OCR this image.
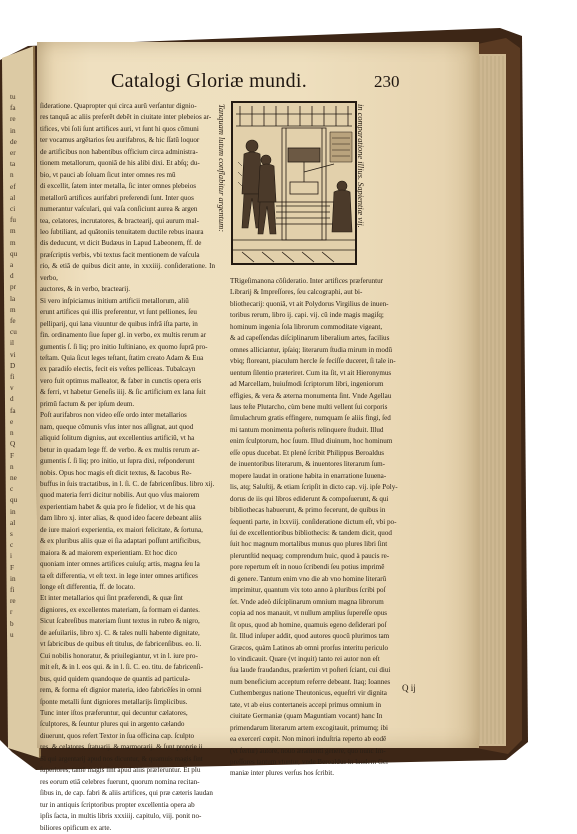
tu
fa
re
in
de
er
ta
n
ef
al
ci
fu
m
m
qu
a
d
pr
la
m
fe
cu
il
vi
D
fi
v
d
fa
e
n
Q
F
n
ne
c
qu
in
al
s
c
i
F
in
fi
re
r
b
u
Catalogi Gloriæ mundi.	230

ſideratione. Quapropter qui circa aurū verſantur dignio-
res tanquā ac aliis preferēt debēt in ciuitate inter plebeios ar-
tifices, vbi ſoli ſunt artifices auri, vt ſunt hi quos cōmuni
ter vocamus argētarios ſeu aurifabros, & hic ſſatū loquor
de artificibus non habentibus officium circa administra-
tionem metallorum, quoniā de his alibi dixi. Et abſq; du-
bio, vt pauci ab ſoluam ſicut inter omnes res mū
di excellit, ſatem inter metalla, ſic inter omnes plebeios
metallorū artifices aurifabri preferendi ſunt. Inter quos
numerantur vaſculari, qui vaſa conſiciunt aurea & argen
tea, celatores, incrutatores, & bractearij, qui aurum mal-
leo ſubtiliant, ad quātoniis tenuitatem ductile rebus inaura
dis deducunt, vt dicit Budæus in Lapud Labeonem, ff. de
præſcriptis verbis, vbi textus facit mentionem de vaſcula
rio, & etiā de quibus dicit ante, in xxxiiij. conſideratione. In verbo,
auctores, & in verbo, bractearij.
Si vero inſpiciamus initium artificii metallorum, aliū
erunt artifices qui illis preferentur, vt ſunt pelliones, ſeu
pelliparij, qui lana viuuntur de quibus infrā iſta parte, in
fin. ordinamento ſiue ſuper gl. in verbo, ex multis rerum ar
gumentis ſ. ſi liq; pro initio Iuſtiniano, ex quomo ſuprā pro-
teſtam. Quia ſicut leges teſtant, ſtatim creato Adam & Eua
ex paradiſo electis, fecit eis veſtes pelliceas. Tubalcayn
vero fuit optimus malleator, & faber in cunctis opera eris
& ferri, vt habetur Geneſis iiij. & ſic artificium ex lana ſuit
primū factum & per ipſum deum.
Poſt aurifabros non video eſſe ordo inter metallarios
nam, queque cōmunis vſus inter nos aſſignat, aut quod
aliquid ſolitum dignius, aut excellentius artificiū, vt ha
betur in quadam lege ff. de verbo. & ex multis rerum ar-
gumentis ſ. ſi liq; pro initio, ut ſupra dixi, reſponderunt
nobis. Opus hoc magis eſt dicit textus, & Iacobus Re-
buffus in ſuis tractatibus, in l. ſi. C. de fabricenſibus. libro xij.
quod materia ferri dicitur nobilis. Aut quo vſus maiorem
experientiam habet & quia pro ſe fidelior, vt de his qua
dam libro xj. inter alias, & quod ideo facere debeant aliis
de iure maiori experientia, ex maiori felicitate, & ſortuna,
& ex pluribus aliis quæ ei ſia adaptari poſſunt artificibus,
maiora & ad maiorem experientiam. Et hoc dico
quoniam inter omnes artifices cuiuſq; artis, magna ſeu la
ta eſt differentia, vt eſt text. in lege inter omnes artifices
longe eſt differentia, ff. de locato.
Et inter metallarios qui ſint præferendi, & quæ ſint
digniores, ex excellentes materiam, ſa formam ei dantes.
Sicut ſcabreſibus materiam ſiunt textus in rubro & nigro,
de aeſuilariis, libro xj. C. & tales nulli habente dignitate,
vt ſabricibus de quibus eſt titulus, de fabricenſibus. eo. li.
Cui nobilis honoratur, & priuilegiantur, vt in l. iure pro-
mit eſt, & in l. eos qui. & in l. ſi. C. eo. titu. de fabricenſi-
bus, quid quidem quandoque de quantis ad particula-
rem, & forma eſt dignior materia, ideo fabricēſes in omni
ſponte metalli ſunt digniores metallarijs ſimplicibus.
Tunc inter iſtos præferuntur, qui decuntur cælatores,
ſculptores, & ſeuntur plures qui in argento cælando
diuerunt, quos refert Textor in ſua officina cap. ſculpto
res, & celatores, ſtatuarij, & marmorarij, & ſunt proprie ii.
Si qui argentarij apud nos dicuntur, & quamuis magis ſint
ſuperiores, tamē magis ſint apud aliis præferuntur. Et plu
res eorum etiā celebres fuerunt, quorum nomina recitan-
ſibus in, de cap. fabri & aliis artifices, qui præ cæteris laudan
tur in antiquis ſcriptoribus propter excellentia opera ab
ipſis ſacta, in multis libris xxxiiij. capitulo, viij. ponit no-
biliores opificum ex arte.

Tanquam lutum conflabitur argentum:	in comparatione illius. Sapientiæ vij.

TRigeſimanona cōſideratio. Inter artifices præferuntur
Librarij & Impreſſores, ſeu calcographi, aut bi-
bliothecarij: quoniā, vt ait Polydorus Virgilius de inuen-
toribus rerum, libro ij. capi. vij. cū inde magis magiſq;
hominum ingenia ſola librorum commoditate vigeant,
& ad capeſſendas diſciplinarum liberalium artes, facilius
omnes alliciantur, ipſaiq; literarum ſtudia mirum in modū
vbiq; floreant, piaculum hercle ſe feciſſe duceret, ſi tale in-
uentum ſilentio præteriret. Cum ita ſit, vt ait Hieronymus
ad Marcellam, huiuſmodi ſcriptorum libri, ingeniorum
effigies, & vera & æterna monumenta ſint. Vnde Agellau
laus teſte Plutarcho, cùm bene multi vellent ſui corporis
ſimulachrum gratis effingere, numquam ſe aliis fingi, ſed
mi tantum monimenta poſteris relinquere ſtuduit. Illud
enim ſculptorum, hoc ſuum. Illud diuinum, hoc hominum
eſſe opus ducebat. Et plenè ſcribit Philippus Beroaldus
de inuentoribus literarum, & inuentores literarum ſum-
mopere laudat in oratione habita in enarratione Iuuena-
lis, atq; Saluſtij, & etiam ſcripſit in dicto cap. vij. ipſe Poly-
dorus de iis qui libros ediderunt & compoſuerunt, & qui
bibliothecas habuerunt, & primo fecerunt, de quibus in
ſequenti parte, in lxxviij. conſideratione dictum eſt, vbi po-
ſui de excellentioribus bibliothecis: & tandem dicit, quod
ſuit hoc magnum mortalibus munus quo plures libri ſint
pleruntſtid nequaq; comprendum huic, quod à paucis re-
pore repertum eſt in nouo ſcribendi ſeu potius imprimē
di genere. Tantum enim vno die ab vno homine literarū
imprimitur, quantum vix toto anno à pluribus ſcribi poſ
ſet. Vnde adeò diſciplinarum omnium magna librorum
copia ad nos manauit, vt nullum amplius ſupereſſe opus
ſit opus, quod ab homine, quamuis egeno deſiderari poſ
ſit. Illud inſuper addit, quod autores quocū plurimos tam
Græcos, quàm Latinos ab omni prorſus interitu periculo
lo vindicauit. Quare (vt inquit) tanto rei autor non eſt
ſua laude fraudandus, præſertim vt poſteri ſciant, cui diui
num beneficium acceptum referre debeant. Itaq; Ioannes
Cuthembergus natione Theutonicus, equeſtri vir dignita
tate, vt ab eius contertaneis accepi primus omnium in
ciuitate Germaniæ (quam Maguntiam vocant) hanc In
primendarum literarum artem excogitauit, primumq; ibi
ea exercerí cœpit. Non minori induſtria reperto ab eodē
(vt fertur) autore, nouo æramenti genere, quo nunc Im-
preſſores tantum vtuntur, vnde Beroaldus in laudem Ger
maniæ inter plures verſus hos ſcribit.

Q ij
